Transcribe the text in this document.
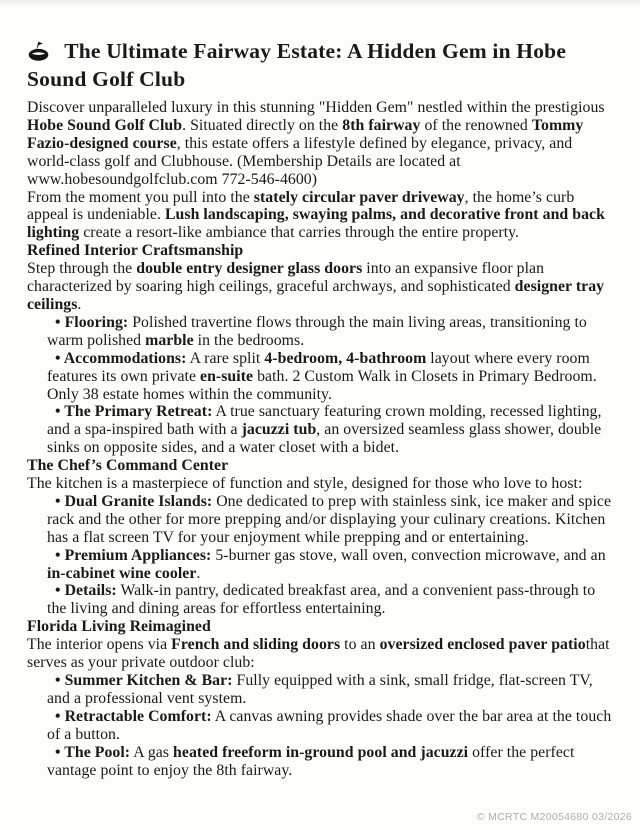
The Ultimate Fairway Estate: A Hidden Gem in Hobe Sound Golf Club
Discover unparalleled luxury in this stunning "Hidden Gem" nestled within the prestigious Hobe Sound Golf Club. Situated directly on the 8th fairway of the renowned Tommy Fazio-designed course, this estate offers a lifestyle defined by elegance, privacy, and world-class golf and Clubhouse. (Membership Details are located at www.hobesoundgolfclub.com 772-546-4600)
From the moment you pull into the stately circular paver driveway, the home’s curb appeal is undeniable. Lush landscaping, swaying palms, and decorative front and back lighting create a resort-like ambiance that carries through the entire property.
Refined Interior Craftsmanship
Step through the double entry designer glass doors into an expansive floor plan characterized by soaring high ceilings, graceful archways, and sophisticated designer tray ceilings.
• Flooring: Polished travertine flows through the main living areas, transitioning to warm polished marble in the bedrooms.
• Accommodations: A rare split 4-bedroom, 4-bathroom layout where every room features its own private en-suite bath. 2 Custom Walk in Closets in Primary Bedroom. Only 38 estate homes within the community.
• The Primary Retreat: A true sanctuary featuring crown molding, recessed lighting, and a spa-inspired bath with a jacuzzi tub, an oversized seamless glass shower, double sinks on opposite sides, and a water closet with a bidet.
The Chef’s Command Center
The kitchen is a masterpiece of function and style, designed for those who love to host:
• Dual Granite Islands: One dedicated to prep with stainless sink, ice maker and spice rack and the other for more prepping and/or displaying your culinary creations. Kitchen has a flat screen TV for your enjoyment while prepping and or entertaining.
• Premium Appliances: 5-burner gas stove, wall oven, convection microwave, and an in-cabinet wine cooler.
• Details: Walk-in pantry, dedicated breakfast area, and a convenient pass-through to the living and dining areas for effortless entertaining.
Florida Living Reimagined
The interior opens via French and sliding doors to an oversized enclosed paver patiothat serves as your private outdoor club:
• Summer Kitchen & Bar: Fully equipped with a sink, small fridge, flat-screen TV, and a professional vent system.
• Retractable Comfort: A canvas awning provides shade over the bar area at the touch of a button.
• The Pool: A gas heated freeform in-ground pool and jacuzzi offer the perfect vantage point to enjoy the 8th fairway.
© MCRTC M20054680 03/2026
